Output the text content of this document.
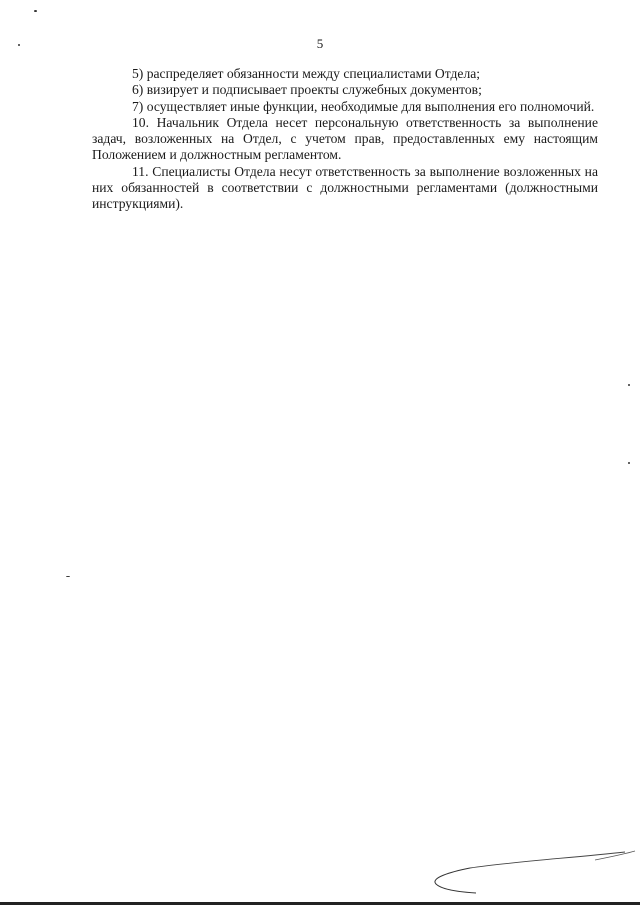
5

5) распределяет обязанности между специалистами Отдела;

6) визирует и подписывает проекты служебных документов;

7) осуществляет иные функции, необходимые для выполнения его полномочий.

10. Начальник Отдела несет персональную ответственность за выполнение задач, возложенных на Отдел, с учетом прав, предоставленных ему настоящим Положением и должностным регламентом.

11. Специалисты Отдела несут ответственность за выполнение возложенных на них обязанностей в соответствии с должностными регламентами (должностными инструкциями).
